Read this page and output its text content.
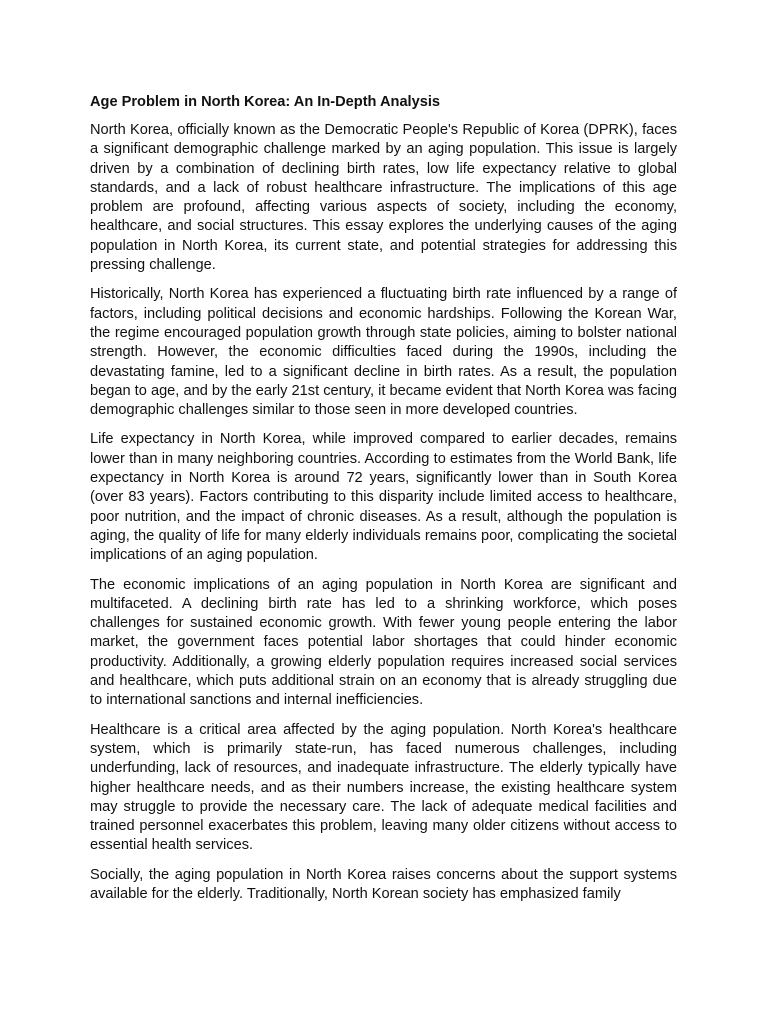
Age Problem in North Korea: An In-Depth Analysis

North Korea, officially known as the Democratic People's Republic of Korea (DPRK), faces a significant demographic challenge marked by an aging population. This issue is largely driven by a combination of declining birth rates, low life expectancy relative to global standards, and a lack of robust healthcare infrastructure. The implications of this age problem are profound, affecting various aspects of society, including the economy, healthcare, and social structures. This essay explores the underlying causes of the aging population in North Korea, its current state, and potential strategies for addressing this pressing challenge.

Historically, North Korea has experienced a fluctuating birth rate influenced by a range of factors, including political decisions and economic hardships. Following the Korean War, the regime encouraged population growth through state policies, aiming to bolster national strength. However, the economic difficulties faced during the 1990s, including the devastating famine, led to a significant decline in birth rates. As a result, the population began to age, and by the early 21st century, it became evident that North Korea was facing demographic challenges similar to those seen in more developed countries.

Life expectancy in North Korea, while improved compared to earlier decades, remains lower than in many neighboring countries. According to estimates from the World Bank, life expectancy in North Korea is around 72 years, significantly lower than in South Korea (over 83 years). Factors contributing to this disparity include limited access to healthcare, poor nutrition, and the impact of chronic diseases. As a result, although the population is aging, the quality of life for many elderly individuals remains poor, complicating the societal implications of an aging population.

The economic implications of an aging population in North Korea are significant and multifaceted. A declining birth rate has led to a shrinking workforce, which poses challenges for sustained economic growth. With fewer young people entering the labor market, the government faces potential labor shortages that could hinder economic productivity. Additionally, a growing elderly population requires increased social services and healthcare, which puts additional strain on an economy that is already struggling due to international sanctions and internal inefficiencies.

Healthcare is a critical area affected by the aging population. North Korea's healthcare system, which is primarily state-run, has faced numerous challenges, including underfunding, lack of resources, and inadequate infrastructure. The elderly typically have higher healthcare needs, and as their numbers increase, the existing healthcare system may struggle to provide the necessary care. The lack of adequate medical facilities and trained personnel exacerbates this problem, leaving many older citizens without access to essential health services.

Socially, the aging population in North Korea raises concerns about the support systems available for the elderly. Traditionally, North Korean society has emphasized family
